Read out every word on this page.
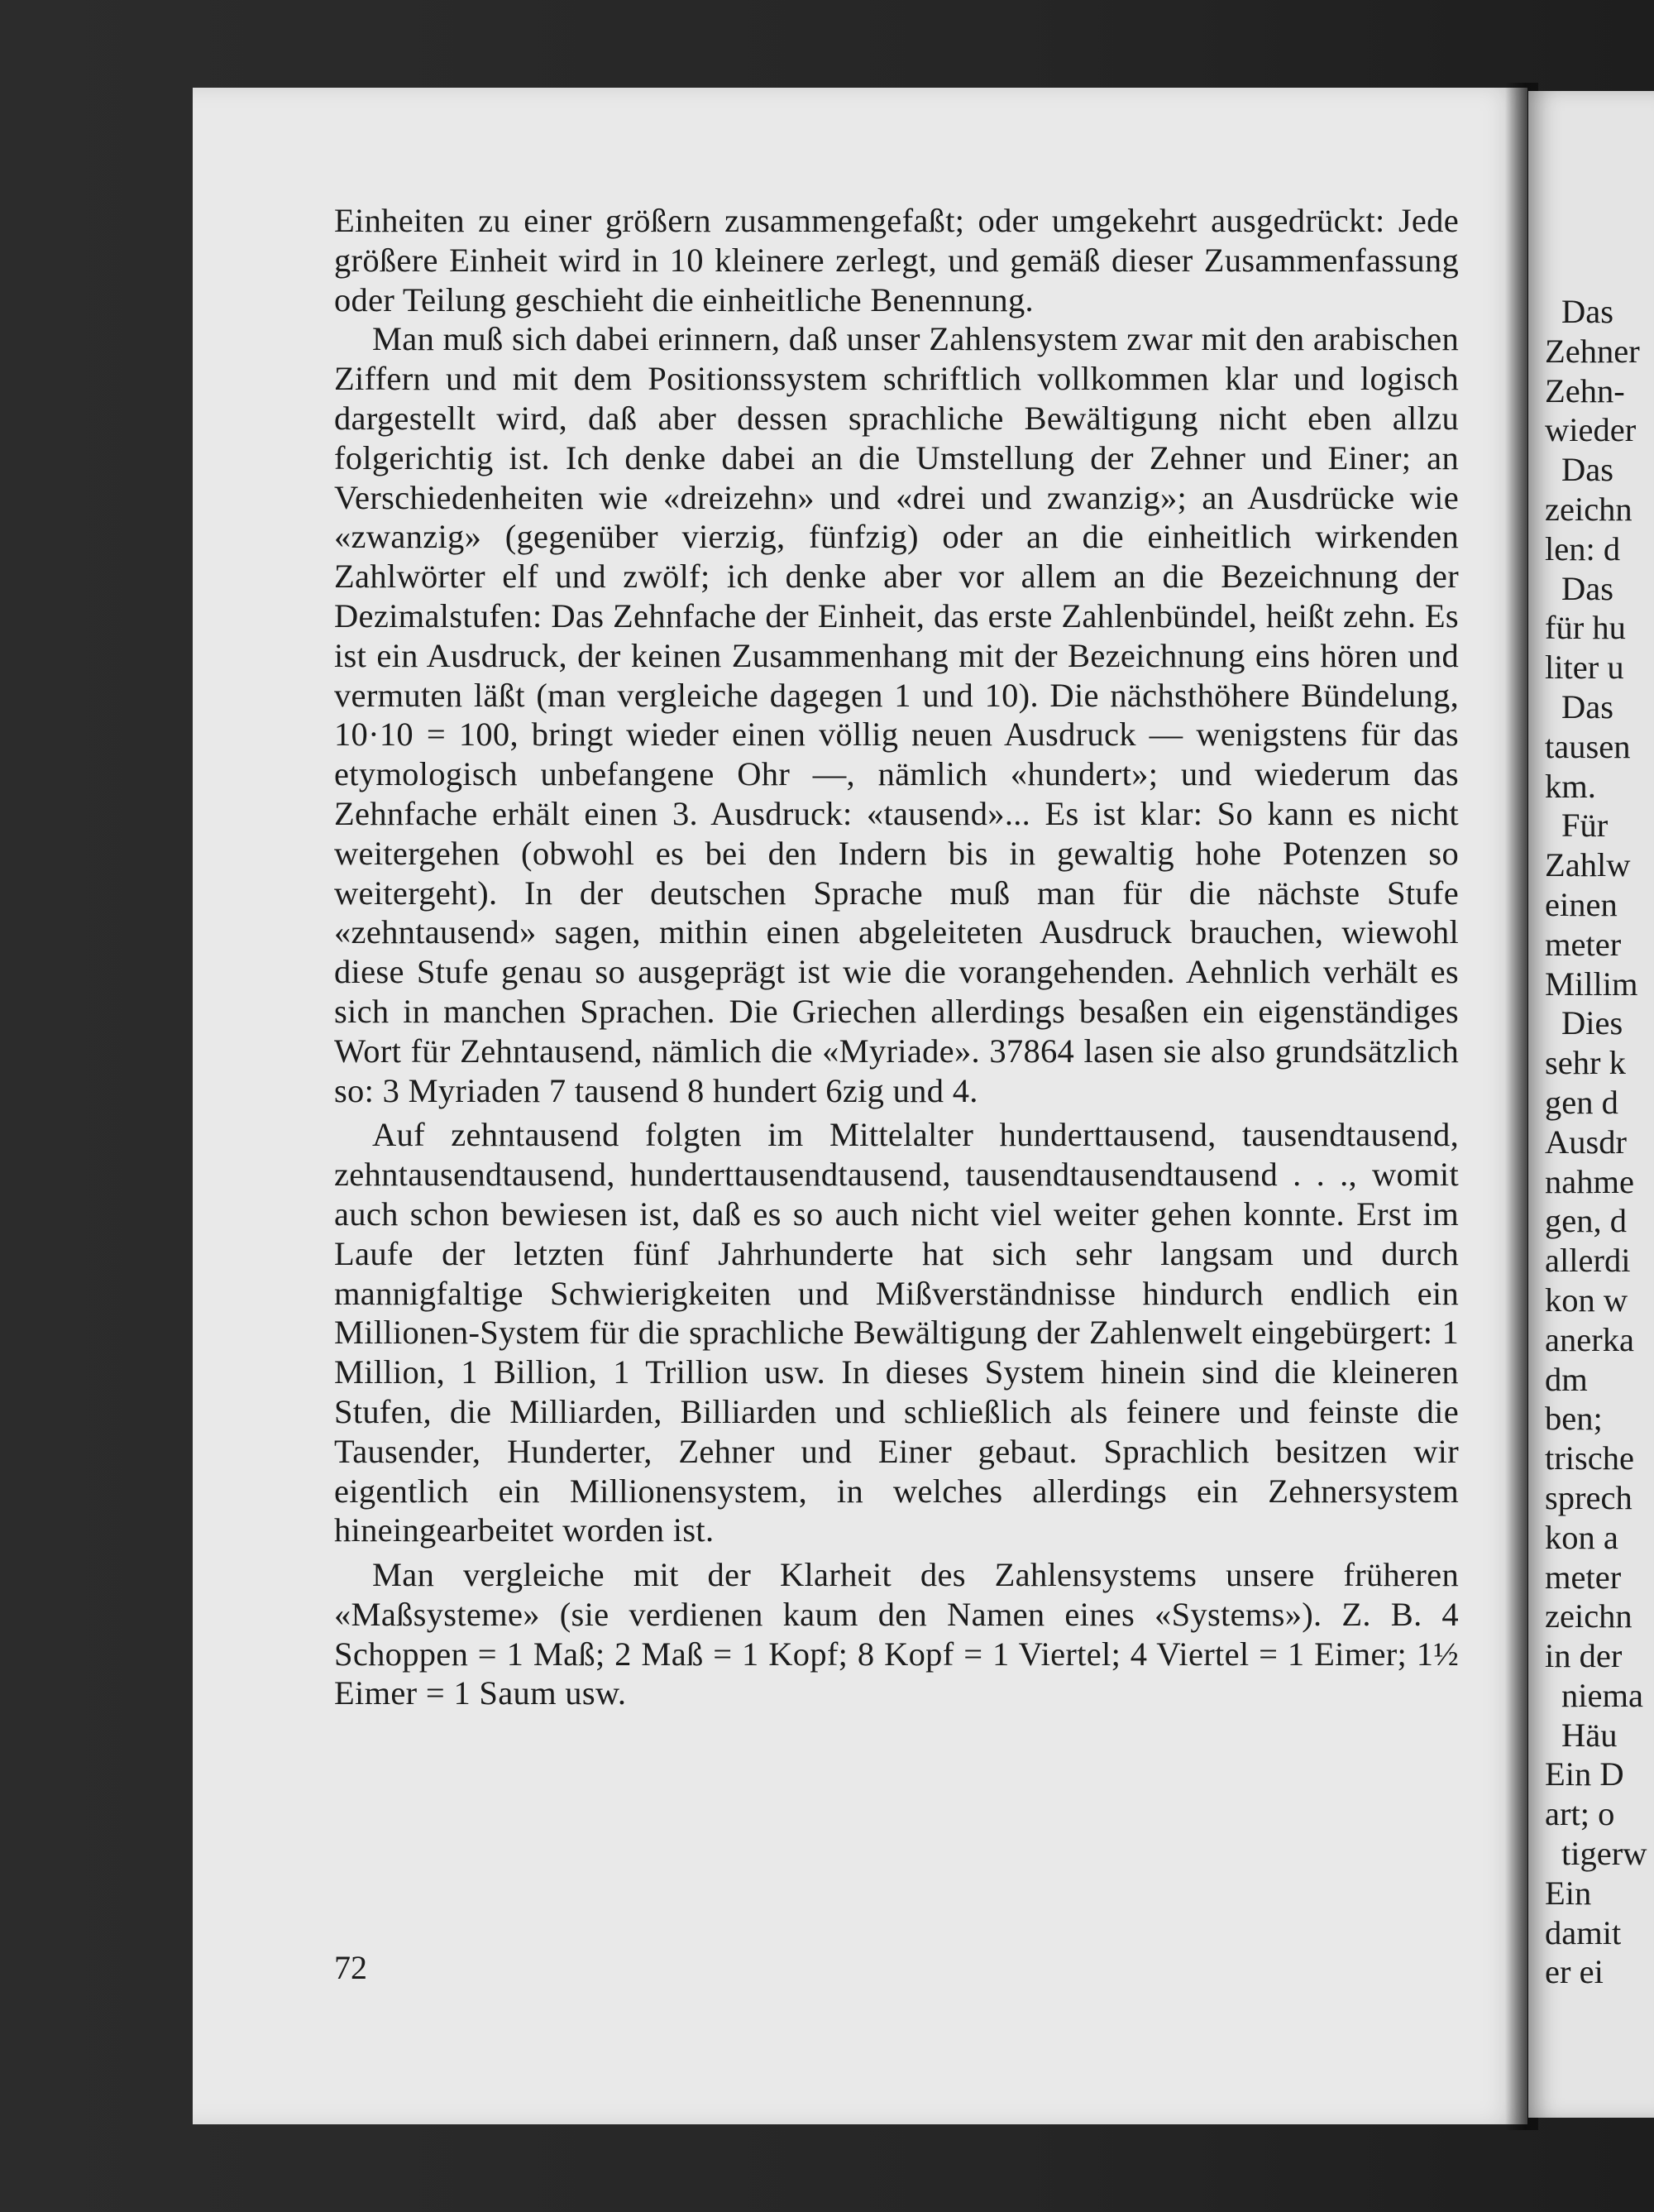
Einheiten zu einer größern zusammengefaßt; oder umgekehrt ausgedrückt: Jede größere Einheit wird in 10 kleinere zerlegt, und gemäß dieser Zusammenfassung oder Teilung geschieht die einheitliche Benennung.

Man muß sich dabei erinnern, daß unser Zahlensystem zwar mit den arabischen Ziffern und mit dem Positionssystem schriftlich vollkommen klar und logisch dargestellt wird, daß aber dessen sprachliche Bewältigung nicht eben allzu folgerichtig ist. Ich denke dabei an die Umstellung der Zehner und Einer; an Verschiedenheiten wie «dreizehn» und «drei und zwanzig»; an Ausdrücke wie «zwanzig» (gegenüber vierzig, fünfzig) oder an die einheitlich wirkenden Zahlwörter elf und zwölf; ich denke aber vor allem an die Bezeichnung der Dezimalstufen: Das Zehnfache der Einheit, das erste Zahlenbündel, heißt zehn. Es ist ein Ausdruck, der keinen Zusammenhang mit der Bezeichnung eins hören und vermuten läßt (man vergleiche dagegen 1 und 10). Die nächsthöhere Bündelung, 10·10 = 100, bringt wieder einen völlig neuen Ausdruck — wenigstens für das etymologisch unbefangene Ohr —, nämlich «hundert»; und wiederum das Zehnfache erhält einen 3. Ausdruck: «tausend»... Es ist klar: So kann es nicht weitergehen (obwohl es bei den Indern bis in gewaltig hohe Potenzen so weitergeht). In der deutschen Sprache muß man für die nächste Stufe «zehntausend» sagen, mithin einen abgeleiteten Ausdruck brauchen, wiewohl diese Stufe genau so ausgeprägt ist wie die vorangehenden. Aehnlich verhält es sich in manchen Sprachen. Die Griechen allerdings besaßen ein eigenständiges Wort für Zehntausend, nämlich die «Myriade». 37864 lasen sie also grundsätzlich so: 3 Myriaden 7 tausend 8 hundert 6zig und 4.

Auf zehntausend folgten im Mittelalter hunderttausend, tausendtausend, zehntausendtausend, hunderttausendtausend, tausendtausendtausend . . ., womit auch schon bewiesen ist, daß es so auch nicht viel weiter gehen konnte. Erst im Laufe der letzten fünf Jahrhunderte hat sich sehr langsam und durch mannigfaltige Schwierigkeiten und Mißverständnisse hindurch endlich ein Millionen-System für die sprachliche Bewältigung der Zahlenwelt eingebürgert: 1 Million, 1 Billion, 1 Trillion usw. In dieses System hinein sind die kleineren Stufen, die Milliarden, Billiarden und schließlich als feinere und feinste die Tausender, Hunderter, Zehner und Einer gebaut. Sprachlich besitzen wir eigentlich ein Millionensystem, in welches allerdings ein Zehnersystem hineingearbeitet worden ist.

Man vergleiche mit der Klarheit des Zahlensystems unsere früheren «Maßsysteme» (sie verdienen kaum den Namen eines «Systems»). Z. B. 4 Schoppen = 1 Maß; 2 Maß = 1 Kopf; 8 Kopf = 1 Viertel; 4 Viertel = 1 Eimer; 1½ Eimer = 1 Saum usw.

72
Das
Zehner
Zehn-
wieder
Das
zeichn
len: d
Das
für hu
liter u
Das
tausen
km.
Für
Zahlw
einen
meter
Millim
Dies
sehr k
gen d
Ausdr
nahme
gen, d
allerdi
kon w
anerka
dm
ben;
trische
sprech
kon a
meter
zeichn
in der
niema
Häu
Ein D
art; o
tigerw
Ein
damit
er ei
